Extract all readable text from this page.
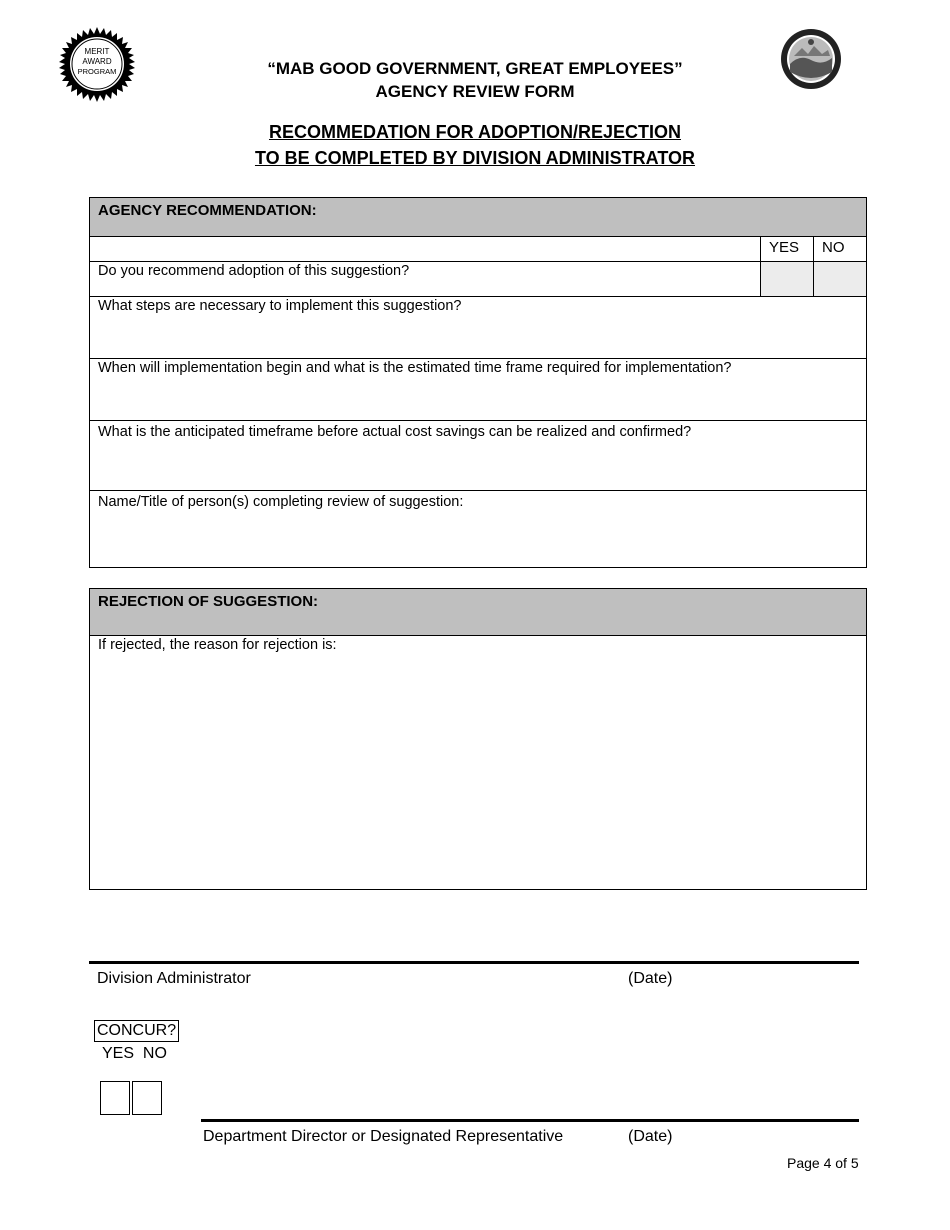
MERIT
AWARD
PROGRAM	“MAB GOOD GOVERNMENT, GREAT EMPLOYEES”
AGENCY REVIEW FORM
RECOMMEDATION FOR ADOPTION/REJECTION
TO BE COMPLETED BY DIVISION ADMINISTRATOR
AGENCY RECOMMENDATION:		
	YES	NO
Do you recommend adoption of this suggestion?		
What steps are necessary to implement this suggestion?		
When will implementation begin and what is the estimated time frame required for implementation?		
What is the anticipated timeframe before actual cost savings can be realized and confirmed?		
Name/Title of person(s) completing review of suggestion:		
REJECTION OF SUGGESTION:
If rejected, the reason for rejection is:
Division Administrator	(Date)
CONCUR?
YES  NO
Department Director or Designated Representative	(Date)
Page 4 of 5
